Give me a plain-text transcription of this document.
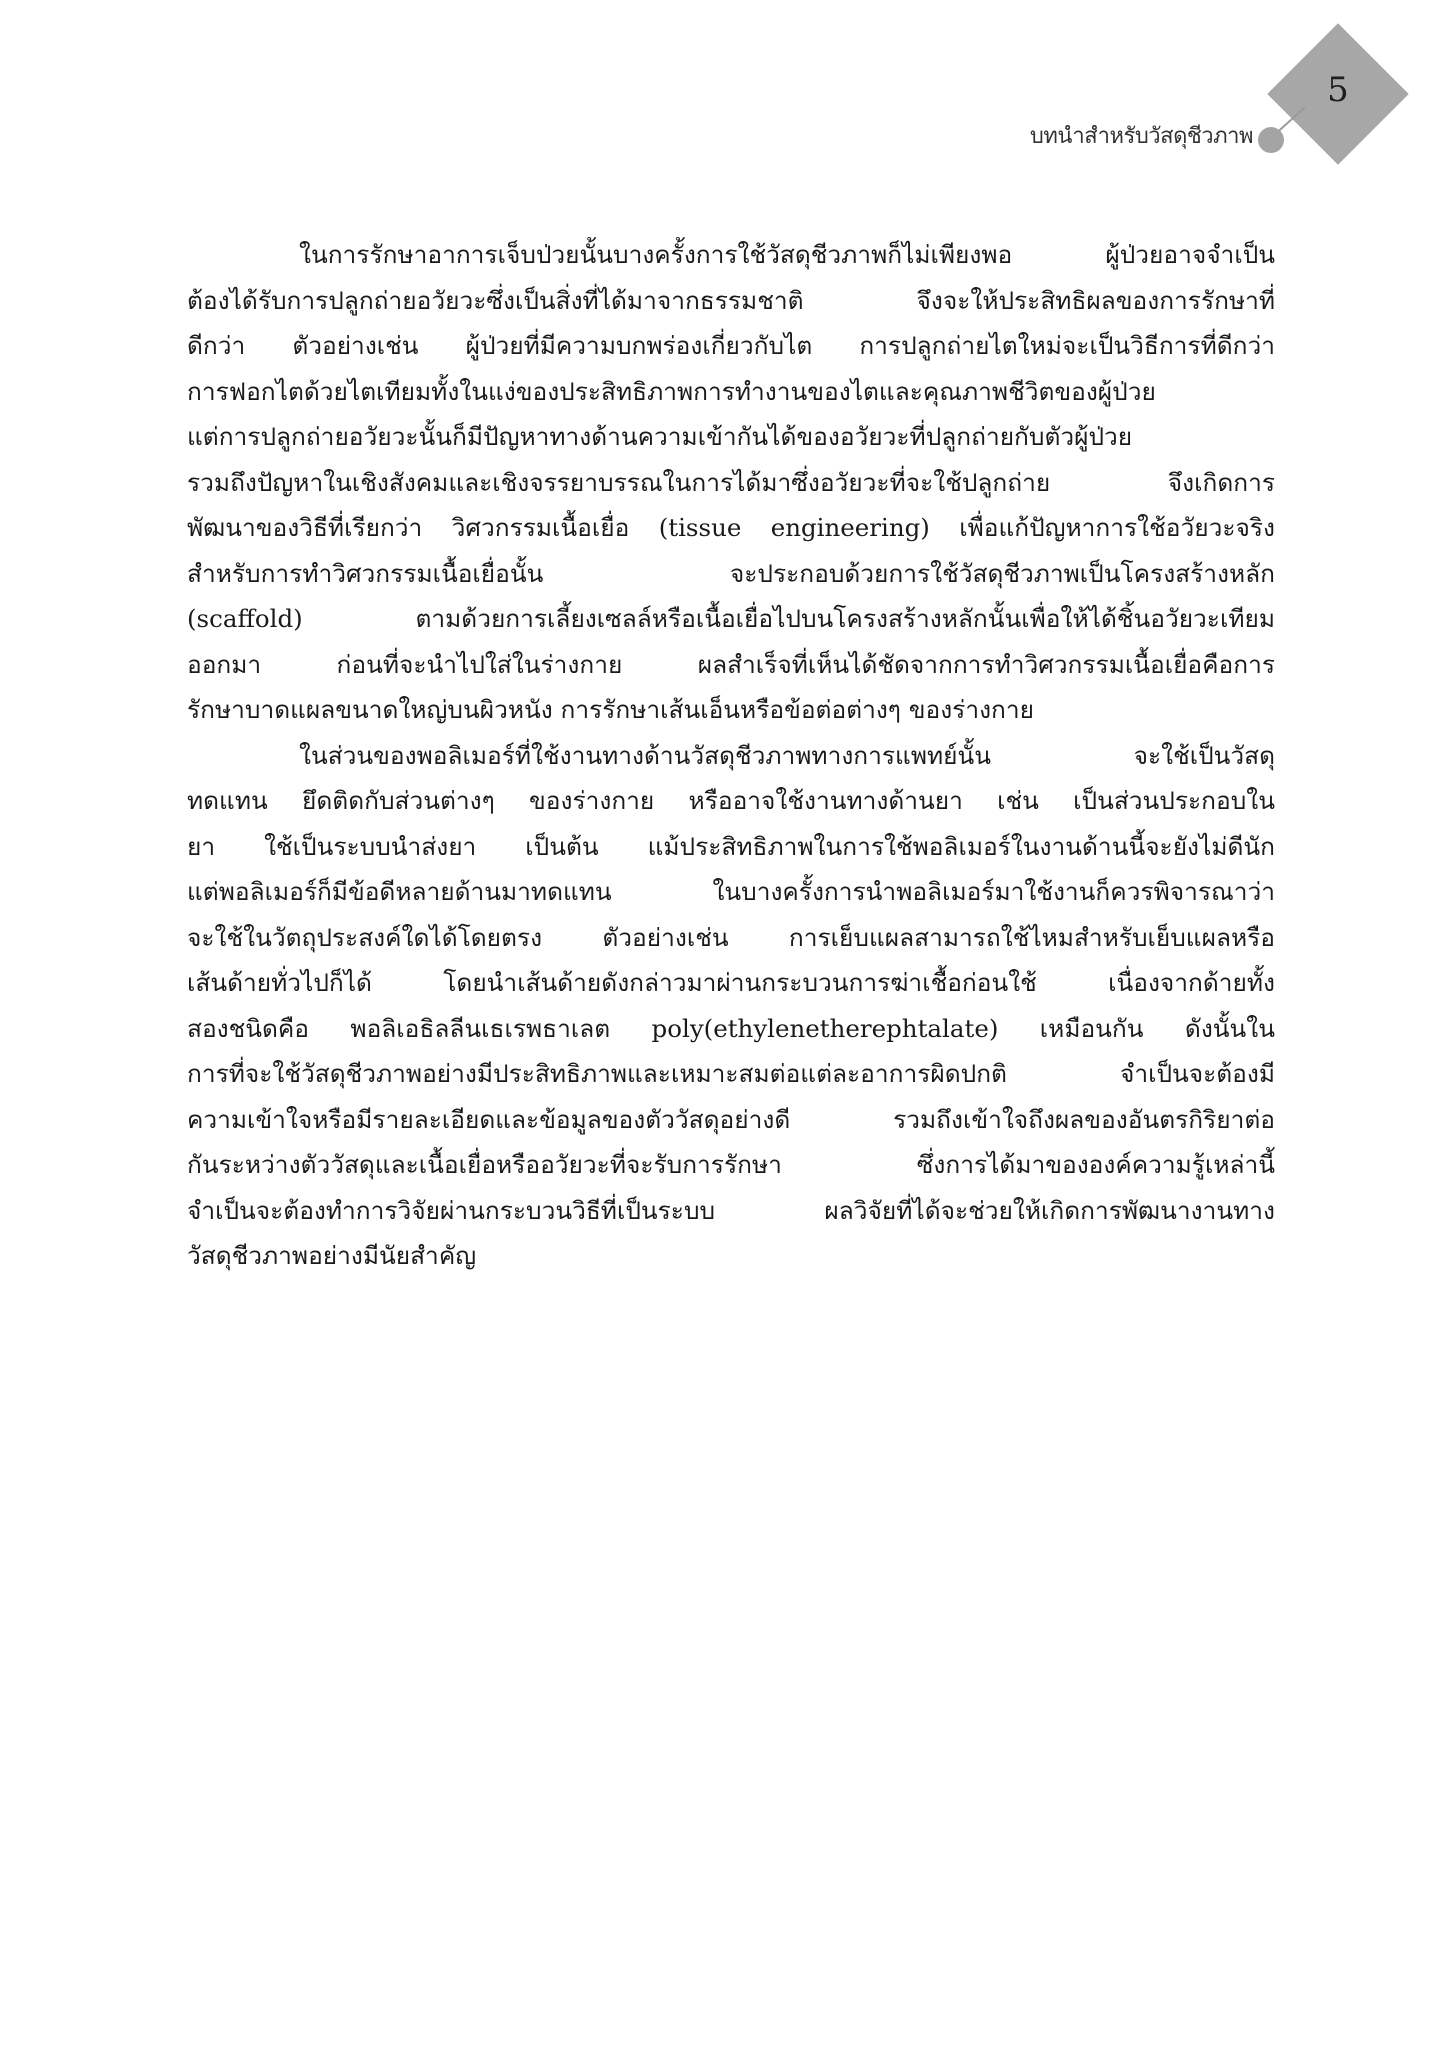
5
บทนำสำหรับวัสดุชีวภาพ
ในการรักษาอาการเจ็บป่วยนั้นบางครั้งการใช้วัสดุชีวภาพก็ไม่เพียงพอ ผู้ป่วยอาจจำเป็น
ต้องได้รับการปลูกถ่ายอวัยวะซึ่งเป็นสิ่งที่ได้มาจากธรรมชาติ จึงจะให้ประสิทธิผลของการรักษาที่
ดีกว่า ตัวอย่างเช่น ผู้ป่วยที่มีความบกพร่องเกี่ยวกับไต การปลูกถ่ายไตใหม่จะเป็นวิธีการที่ดีกว่า
การฟอกไตด้วยไตเทียมทั้งในแง่ของประสิทธิภาพการทำงานของไตและคุณภาพชีวิตของผู้ป่วย
แต่การปลูกถ่ายอวัยวะนั้นก็มีปัญหาทางด้านความเข้ากันได้ของอวัยวะที่ปลูกถ่ายกับตัวผู้ป่วย
รวมถึงปัญหาในเชิงสังคมและเชิงจรรยาบรรณในการได้มาซึ่งอวัยวะที่จะใช้ปลูกถ่าย จึงเกิดการ
พัฒนาของวิธีที่เรียกว่า วิศวกรรมเนื้อเยื่อ (tissue engineering) เพื่อแก้ปัญหาการใช้อวัยวะจริง
สำหรับการทำวิศวกรรมเนื้อเยื่อนั้น จะประกอบด้วยการใช้วัสดุชีวภาพเป็นโครงสร้างหลัก
(scaffold) ตามด้วยการเลี้ยงเซลล์หรือเนื้อเยื่อไปบนโครงสร้างหลักนั้นเพื่อให้ได้ชิ้นอวัยวะเทียม
ออกมา ก่อนที่จะนำไปใส่ในร่างกาย ผลสำเร็จที่เห็นได้ชัดจากการทำวิศวกรรมเนื้อเยื่อคือการ
รักษาบาดแผลขนาดใหญ่บนผิวหนัง การรักษาเส้นเอ็นหรือข้อต่อต่างๆ ของร่างกาย
ในส่วนของพอลิเมอร์ที่ใช้งานทางด้านวัสดุชีวภาพทางการแพทย์นั้น จะใช้เป็นวัสดุ
ทดแทน ยึดติดกับส่วนต่างๆ ของร่างกาย หรืออาจใช้งานทางด้านยา เช่น เป็นส่วนประกอบใน
ยา ใช้เป็นระบบนำส่งยา เป็นต้น แม้ประสิทธิภาพในการใช้พอลิเมอร์ในงานด้านนี้จะยังไม่ดีนัก
แต่พอลิเมอร์ก็มีข้อดีหลายด้านมาทดแทน ในบางครั้งการนำพอลิเมอร์มาใช้งานก็ควรพิจารณาว่า
จะใช้ในวัตถุประสงค์ใดได้โดยตรง ตัวอย่างเช่น การเย็บแผลสามารถใช้ไหมสำหรับเย็บแผลหรือ
เส้นด้ายทั่วไปก็ได้ โดยนำเส้นด้ายดังกล่าวมาผ่านกระบวนการฆ่าเชื้อก่อนใช้ เนื่องจากด้ายทั้ง
สองชนิดคือ พอลิเอธิลลีนเธเรพธาเลต poly(ethylenetherephtalate) เหมือนกัน ดังนั้นใน
การที่จะใช้วัสดุชีวภาพอย่างมีประสิทธิภาพและเหมาะสมต่อแต่ละอาการผิดปกติ จำเป็นจะต้องมี
ความเข้าใจหรือมีรายละเอียดและข้อมูลของตัววัสดุอย่างดี รวมถึงเข้าใจถึงผลของอันตรกิริยาต่อ
กันระหว่างตัววัสดุและเนื้อเยื่อหรืออวัยวะที่จะรับการรักษา ซึ่งการได้มาขององค์ความรู้เหล่านี้
จำเป็นจะต้องทำการวิจัยผ่านกระบวนวิธีที่เป็นระบบ ผลวิจัยที่ได้จะช่วยให้เกิดการพัฒนางานทาง
วัสดุชีวภาพอย่างมีนัยสำคัญ
